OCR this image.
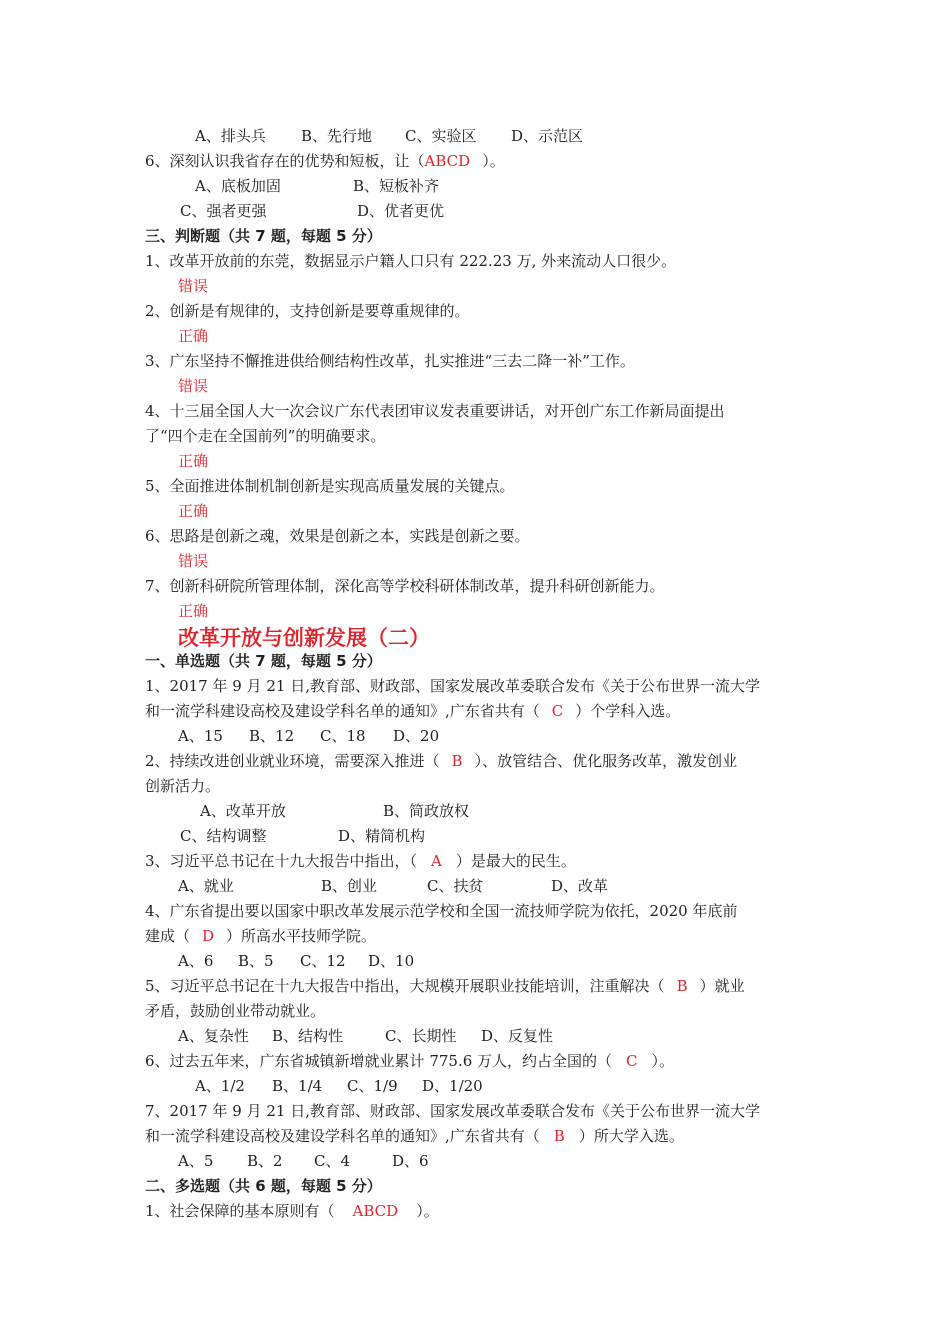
A、排头兵 B、先行地 C、实验区 D、示范区
6、深刻认识我省存在的优势和短板，让（ABCD ）。
A、底板加固	B、短板补齐
C、强者更强	D、优者更优
三、判断题（共 7 题，每题 5 分）
1、改革开放前的东莞，数据显示户籍人口只有 222.23 万, 外来流动人口很少。
错误
2、创新是有规律的，支持创新是要尊重规律的。
正确
3、广东坚持不懈推进供给侧结构性改革，扎实推进“三去二降一补”工作。
错误
4、十三届全国人大一次会议广东代表团审议发表重要讲话，对开创广东工作新局面提出
了“四个走在全国前列”的明确要求。
正确
5、全面推进体制机制创新是实现高质量发展的关键点。
正确
6、思路是创新之魂，效果是创新之本，实践是创新之要。
错误
7、创新科研院所管理体制，深化高等学校科研体制改革，提升科研创新能力。
正确
改革开放与创新发展（二）
一、单选题（共 7 题，每题 5 分）
1、2017 年 9 月 21 日,教育部、财政部、国家发展改革委联合发布《关于公布世界一流大学
和一流学科建设高校及建设学科名单的通知》,广东省共有（ C ）个学科入选。
A、15 B、12 C、18 D、20
2、持续改进创业就业环境，需要深入推进（ B ）、放管结合、优化服务改革，激发创业
创新活力。
A、改革开放	B、简政放权
C、结构调整	D、精简机构
3、习近平总书记在十九大报告中指出，（ A ）是最大的民生。
A、就业	B、创业	C、扶贫	D、改革
4、广东省提出要以国家中职改革发展示范学校和全国一流技师学院为依托，2020 年底前
建成（ D ）所高水平技师学院。
A、6 B、5 C、12 D、10
5、习近平总书记在十九大报告中指出，大规模开展职业技能培训，注重解决（ B ）就业
矛盾，鼓励创业带动就业。
A、复杂性 B、结构性	C、长期性 D、反复性
6、过去五年来，广东省城镇新增就业累计 775.6 万人，约占全国的（ C ）。
A、1/2 B、1/4 C、1/9 D、1/20
7、2017 年 9 月 21 日,教育部、财政部、国家发展改革委联合发布《关于公布世界一流大学
和一流学科建设高校及建设学科名单的通知》,广东省共有（ B ）所大学入选。
A、5 B、2 C、4	D、6
二、多选题（共 6 题，每题 5 分）
1、社会保障的基本原则有（ ABCD ）。
